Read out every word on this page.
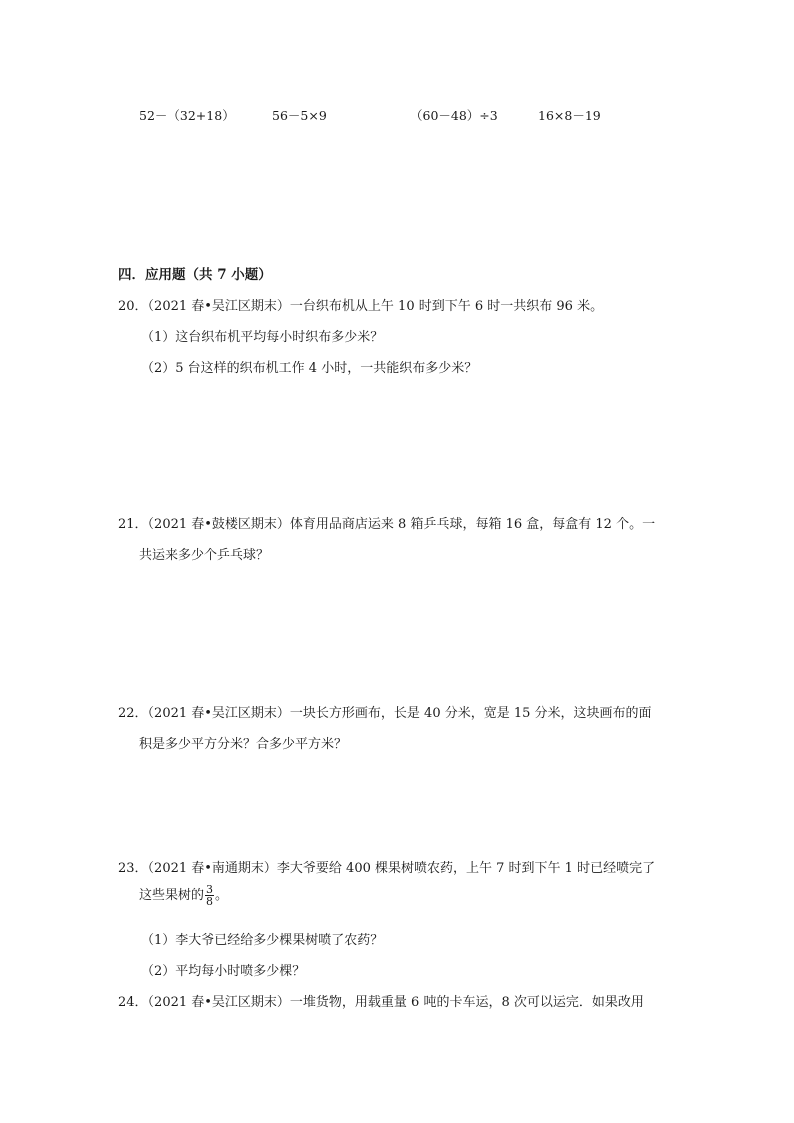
52－（32+18）	56－5×9	（60－48）÷3	16×8－19
四．应用题（共 7 小题）
20．（2021 春•吴江区期末）一台织布机从上午 10 时到下午 6 时一共织布 96 米。
（1）这台织布机平均每小时织布多少米？
（2）5 台这样的织布机工作 4 小时，一共能织布多少米？
21．（2021 春•鼓楼区期末）体育用品商店运来 8 箱乒乓球，每箱 16 盒，每盒有 12 个。一
共运来多少个乒乓球？
22．（2021 春•吴江区期末）一块长方形画布，长是 40 分米，宽是 15 分米，这块画布的面
积是多少平方分米？合多少平方米？
23．（2021 春•南通期末）李大爷要给 400 棵果树喷农药，上午 7 时到下午 1 时已经喷完了
这些果树的 $\frac{3}{8}$ 。
（1）李大爷已经给多少棵果树喷了农药？
（2）平均每小时喷多少棵？
24．（2021 春•吴江区期末）一堆货物，用载重量 6 吨的卡车运，8 次可以运完．如果改用
